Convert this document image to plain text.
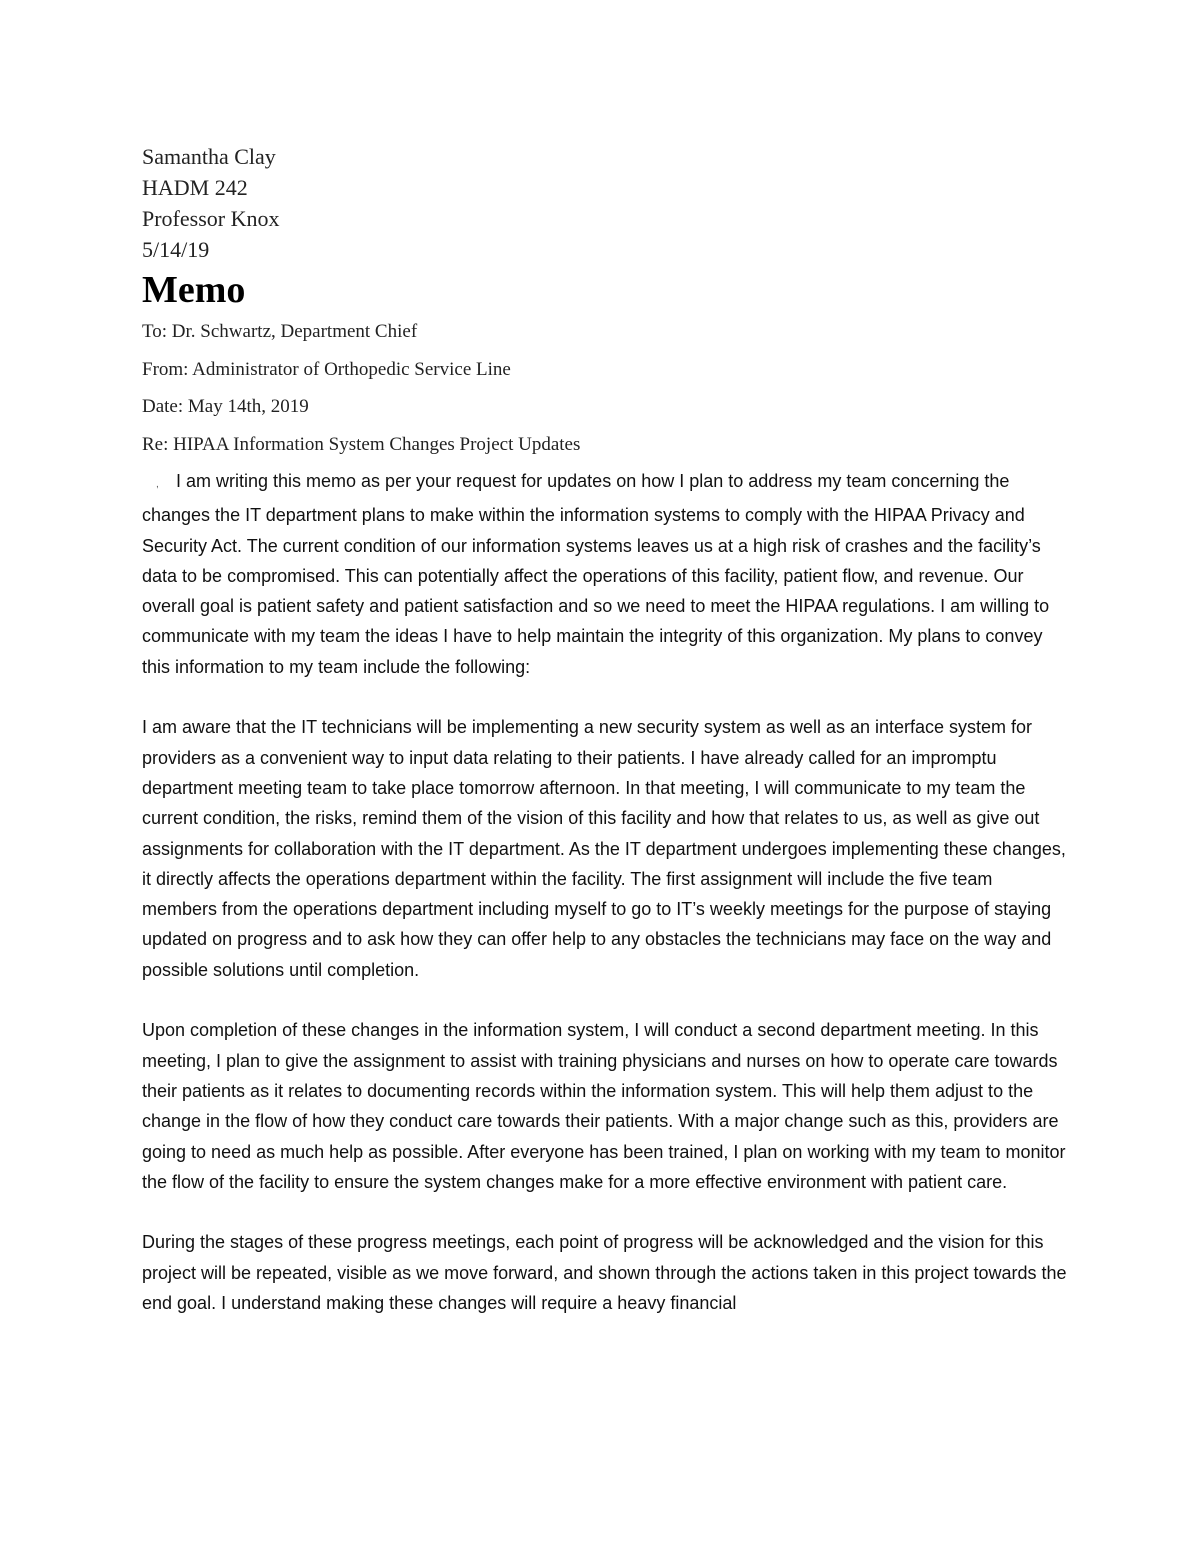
Samantha Clay
HADM 242
Professor Knox
5/14/19
Memo
To: Dr. Schwartz, Department Chief
From: Administrator of Orthopedic Service Line
Date: May 14th, 2019
Re: HIPAA Information System Changes Project Updates

, I am writing this memo as per your request for updates on how I plan to address my team concerning the changes the IT department plans to make within the information systems to comply with the HIPAA Privacy and Security Act. The current condition of our information systems leaves us at a high risk of crashes and the facility’s data to be compromised. This can potentially affect the operations of this facility, patient flow, and revenue. Our overall goal is patient safety and patient satisfaction and so we need to meet the HIPAA regulations. I am willing to communicate with my team the ideas I have to help maintain the integrity of this organization. My plans to convey this information to my team include the following:

I am aware that the IT technicians will be implementing a new security system as well as an interface system for providers as a convenient way to input data relating to their patients. I have already called for an impromptu department meeting team to take place tomorrow afternoon. In that meeting, I will communicate to my team the current condition, the risks, remind them of the vision of this facility and how that relates to us, as well as give out assignments for collaboration with the IT department. As the IT department undergoes implementing these changes, it directly affects the operations department within the facility. The first assignment will include the five team members from the operations department including myself to go to IT’s weekly meetings for the purpose of staying updated on progress and to ask how they can offer help to any obstacles the technicians may face on the way and possible solutions until completion.

Upon completion of these changes in the information system, I will conduct a second department meeting. In this meeting, I plan to give the assignment to assist with training physicians and nurses on how to operate care towards their patients as it relates to documenting records within the information system. This will help them adjust to the change in the flow of how they conduct care towards their patients. With a major change such as this, providers are going to need as much help as possible. After everyone has been trained, I plan on working with my team to monitor the flow of the facility to ensure the system changes make for a more effective environment with patient care.

During the stages of these progress meetings, each point of progress will be acknowledged and the vision for this project will be repeated, visible as we move forward, and shown through the actions taken in this project towards the end goal. I understand making these changes will require a heavy financial
